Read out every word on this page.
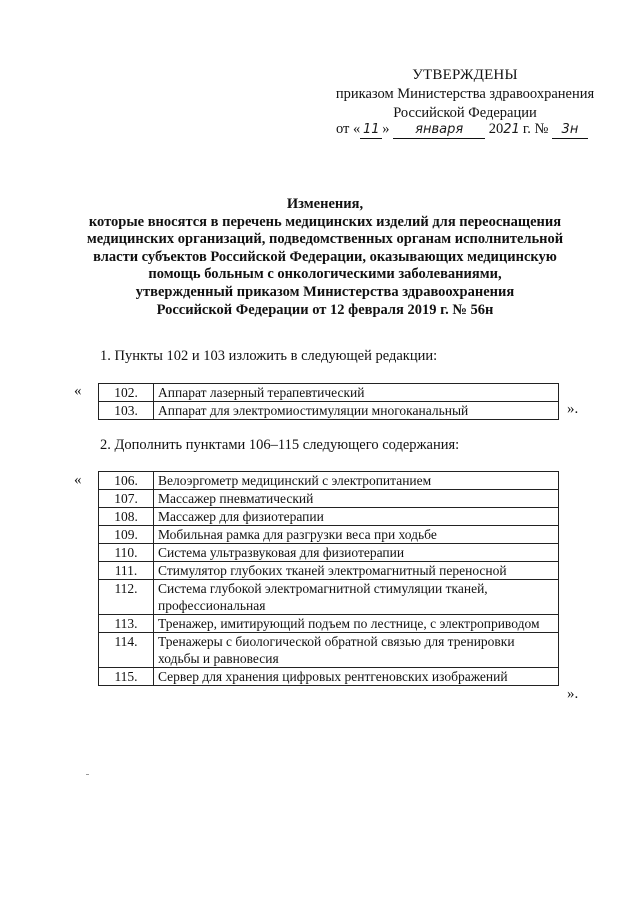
УТВЕРЖДЕНЫ
приказом Министерства здравоохранения
Российской Федерации
от « 11 » января 2021 г. № 3н
Изменения,
которые вносятся в перечень медицинских изделий для переоснащения
медицинских организаций, подведомственных органам исполнительной
власти субъектов Российской Федерации, оказывающих медицинскую
помощь больным с онкологическими заболеваниями,
утвержденный приказом Министерства здравоохранения
Российской Федерации от 12 февраля 2019 г. № 56н
1. Пункты 102 и 103 изложить в следующей редакции:
« 102.	Аппарат лазерный терапевтический
103.	Аппарат для электромиостимуляции многоканальный	».
2. Дополнить пунктами 106–115 следующего содержания:
« 106.	Велоэргометр медицинский с электропитанием
107.	Массажер пневматический
108.	Массажер для физиотерапии
109.	Мобильная рамка для разгрузки веса при ходьбе
110.	Система ультразвуковая для физиотерапии
111.	Стимулятор глубоких тканей электромагнитный переносной
112.	Система глубокой электромагнитной стимуляции тканей, профессиональная
113.	Тренажер, имитирующий подъем по лестнице, с электроприводом
114.	Тренажеры с биологической обратной связью для тренировки ходьбы и равновесия
115.	Сервер для хранения цифровых рентгеновских изображений
».
